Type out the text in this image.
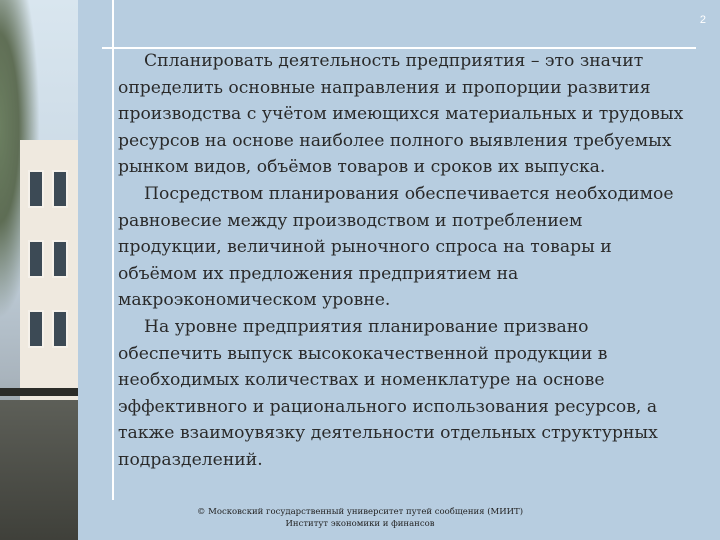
2

Спланировать деятельность предприятия – это значит определить основные направления и пропорции развития производства с учётом имеющихся материальных и трудовых ресурсов на основе наиболее полного выявления требуемых рынком видов, объёмов товаров и сроков их выпуска.

Посредством планирования обеспечивается необходимое равновесие между производством и потреблением продукции, величиной рыночного спроса на товары и объёмом их предложения предприятием на макроэкономическом уровне.

На уровне предприятия планирование призвано обеспечить выпуск высококачественной продукции в необходимых количествах и номенклатуре на основе эффективного и рационального использования ресурсов, а также взаимоувязку деятельности отдельных структурных подразделений.

© Московский государственный университет путей сообщения (МИИТ)
Институт экономики и финансов
